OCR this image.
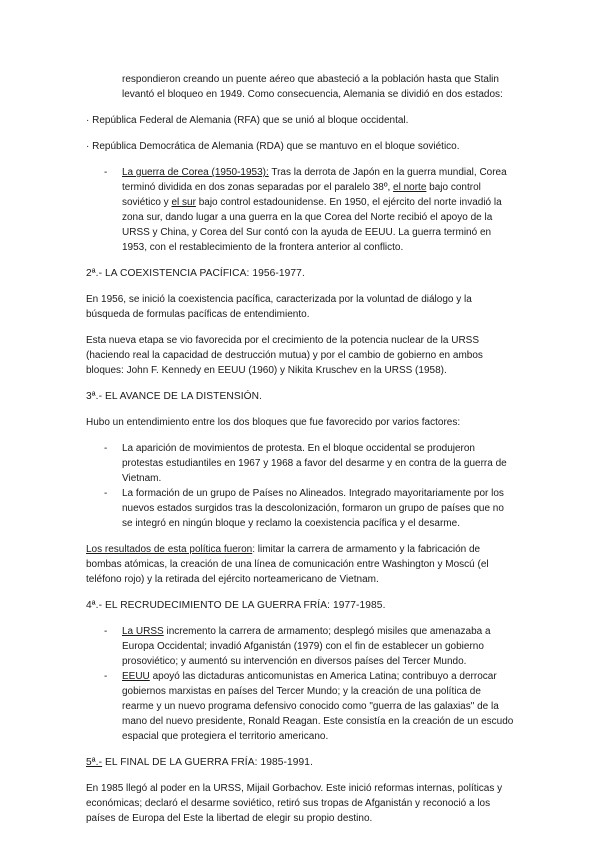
respondieron creando un puente aéreo que abasteció a la población hasta que Stalin levantó el bloqueo en 1949. Como consecuencia, Alemania se dividió en dos estados:

· República Federal de Alemania (RFA) que se unió al bloque occidental.

· República Democrática de Alemania (RDA) que se mantuvo en el bloque soviético.

- La guerra de Corea (1950-1953): Tras la derrota de Japón en la guerra mundial, Corea terminó dividida en dos zonas separadas por el paralelo 38º, el norte bajo control soviético y el sur bajo control estadounidense. En 1950, el ejército del norte invadió la zona sur, dando lugar a una guerra en la que Corea del Norte recibió el apoyo de la URSS y China, y Corea del Sur contó con la ayuda de EEUU. La guerra terminó en 1953, con el restablecimiento de la frontera anterior al conflicto.

2ª.- LA COEXISTENCIA PACÍFICA: 1956-1977.

En 1956, se inició la coexistencia pacífica, caracterizada por la voluntad de diálogo y la búsqueda de formulas pacíficas de entendimiento.

Esta nueva etapa se vio favorecida por el crecimiento de la potencia nuclear de la URSS (haciendo real la capacidad de destrucción mutua) y por el cambio de gobierno en ambos bloques: John F. Kennedy en EEUU (1960) y Nikita Kruschev en la URSS (1958).

3ª.- EL AVANCE DE LA DISTENSIÓN.

Hubo un entendimiento entre los dos bloques que fue favorecido por varios factores:

- La aparición de movimientos de protesta. En el bloque occidental se produjeron protestas estudiantiles en 1967 y 1968 a favor del desarme y en contra de la guerra de Vietnam.

- La formación de un grupo de Países no Alineados. Integrado mayoritariamente por los nuevos estados surgidos tras la descolonización, formaron un grupo de países que no se integró en ningún bloque y reclamo la coexistencia pacífica y el desarme.

Los resultados de esta política fueron: limitar la carrera de armamento y la fabricación de bombas atómicas, la creación de una línea de comunicación entre Washington y Moscú (el teléfono rojo) y la retirada del ejército norteamericano de Vietnam.

4ª.- EL RECRUDECIMIENTO DE LA GUERRA FRÍA: 1977-1985.

- La URSS incremento la carrera de armamento; desplegó misiles que amenazaba a Europa Occidental; invadió Afganistán (1979) con el fin de establecer un gobierno prosoviético; y aumentó su intervención en diversos países del Tercer Mundo.

- EEUU apoyó las dictaduras anticomunistas en America Latina; contribuyo a derrocar gobiernos marxistas en países del Tercer Mundo; y la creación de una política de rearme y un nuevo programa defensivo conocido como "guerra de las galaxias" de la mano del nuevo presidente, Ronald Reagan. Este consistía en la creación de un escudo espacial que protegiera el territorio americano.

5ª.- EL FINAL DE LA GUERRA FRÍA: 1985-1991.

En 1985 llegó al poder en la URSS, Mijail Gorbachov. Este inició reformas internas, políticas y económicas; declaró el desarme soviético, retiró sus tropas de Afganistán y reconoció a los países de Europa del Este la libertad de elegir su propio destino.
